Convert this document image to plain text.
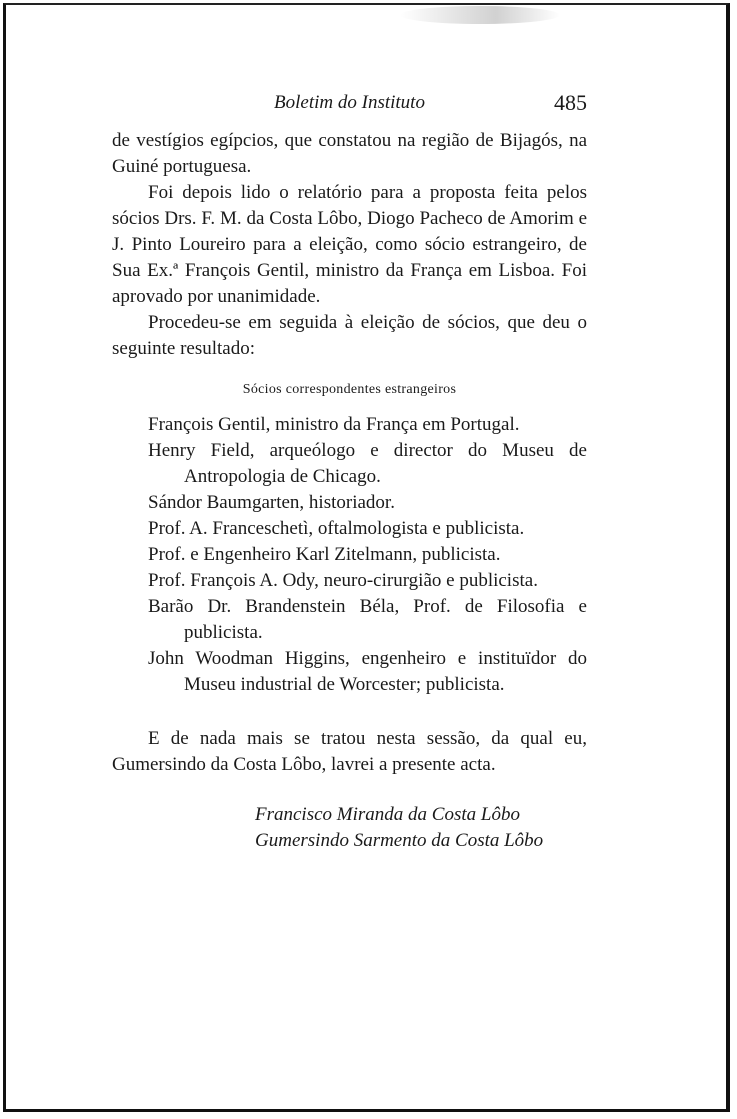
Boletim do Instituto	485

de vestígios egípcios, que constatou na região de Bijagós, na Guiné portuguesa.

Foi depois lido o relatório para a proposta feita pelos sócios Drs. F. M. da Costa Lôbo, Diogo Pacheco de Amorim e J. Pinto Loureiro para a eleição, como sócio estrangeiro, de Sua Ex.ª François Gentil, ministro da França em Lisboa. Foi aprovado por unanimidade.

Procedeu-se em seguida à eleição de sócios, que deu o seguinte resultado:

Sócios correspondentes estrangeiros
François Gentil, ministro da França em Portugal.
Henry Field, arqueólogo e director do Museu de Antropologia de Chicago.
Sándor Baumgarten, historiador.
Prof. A. Franceschetì, oftalmologista e publicista.
Prof. e Engenheiro Karl Zitelmann, publicista.
Prof. François A. Ody, neuro-cirurgião e publicista.
Barão Dr. Brandenstein Béla, Prof. de Filosofia e publicista.
John Woodman Higgins, engenheiro e instituïdor do Museu industrial de Worcester; publicista.

E de nada mais se tratou nesta sessão, da qual eu, Gumersindo da Costa Lôbo, lavrei a presente acta.

Francisco Miranda da Costa Lôbo
Gumersindo Sarmento da Costa Lôbo
